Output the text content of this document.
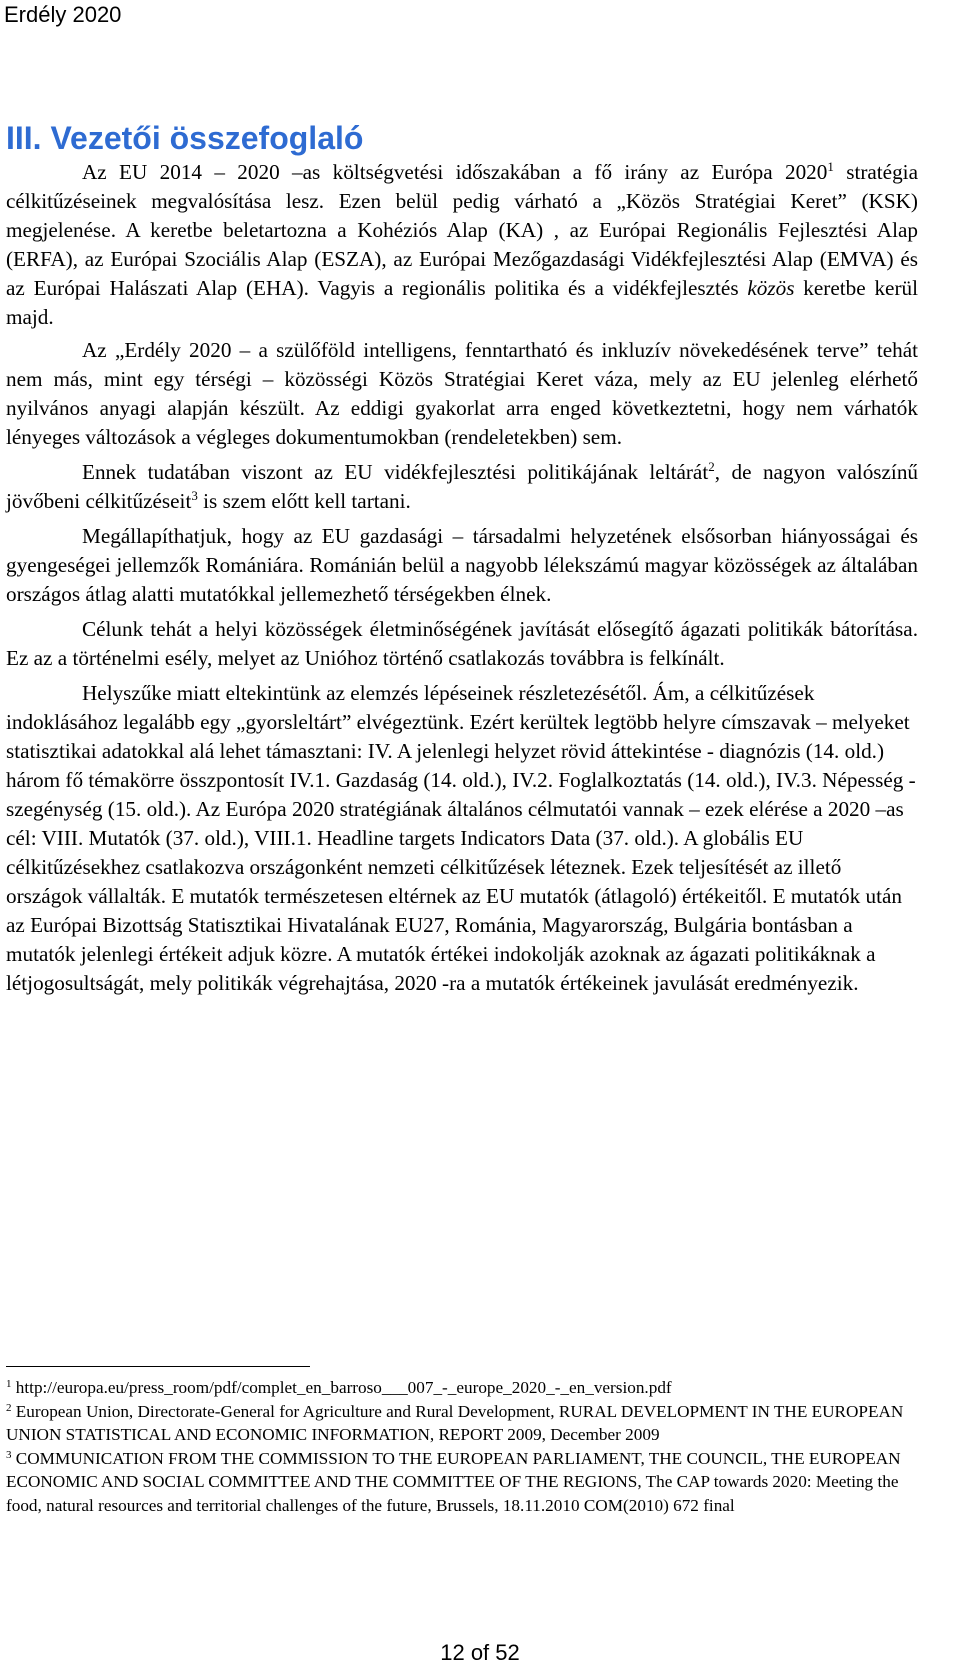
Erdély 2020
III. Vezetői összefoglaló

Az EU 2014 – 2020 –as költségvetési időszakában a fő irány az Európa 2020$^1$ stratégia célkitűzéseinek megvalósítása lesz. Ezen belül pedig várható a „Közös Stratégiai Keret” (KSK) megjelenése. A keretbe beletartozna a Kohéziós Alap (KA) , az Európai Regionális Fejlesztési Alap (ERFA), az Európai Szociális Alap (ESZA), az Európai Mezőgazdasági Vidékfejlesztési Alap (EMVA) és az Európai Halászati Alap (EHA). Vagyis a regionális politika és a vidékfejlesztés közös keretbe kerül majd.

Az „Erdély 2020 – a szülőföld intelligens, fenntartható és inkluzív növekedésének terve” tehát nem más, mint egy térségi – közösségi Közös Stratégiai Keret váza, mely az EU jelenleg elérhető nyilvános anyagi alapján készült. Az eddigi gyakorlat arra enged következtetni, hogy nem várhatók lényeges változások a végleges dokumentumokban (rendeletekben) sem.

Ennek tudatában viszont az EU vidékfejlesztési politikájának leltárát$^2$, de nagyon valószínű jövőbeni célkitűzéseit$^3$ is szem előtt kell tartani.

Megállapíthatjuk, hogy az EU gazdasági – társadalmi helyzetének elsősorban hiányosságai és gyengeségei jellemzők Romániára. Románián belül a nagyobb lélekszámú magyar közösségek az általában országos átlag alatti mutatókkal jellemezhető térségekben élnek.

Célunk tehát a helyi közösségek életminőségének javítását elősegítő ágazati politikák bátorítása. Ez az a történelmi esély, melyet az Unióhoz történő csatlakozás továbbra is felkínált.

Helyszűke miatt eltekintünk az elemzés lépéseinek részletezésétől. Ám, a célkitűzések indoklásához legalább egy „gyorsleltárt” elvégeztünk. Ezért kerültek legtöbb helyre címszavak – melyeket statisztikai adatokkal alá lehet támasztani: IV. A jelenlegi helyzet rövid áttekintése - diagnózis (14. old.) három fő témakörre összpontosít IV.1. Gazdaság (14. old.), IV.2. Foglalkoztatás (14. old.), IV.3. Népesség - szegénység (15. old.). Az Európa 2020 stratégiának általános célmutatói vannak – ezek elérése a 2020 –as cél: VIII. Mutatók (37. old.), VIII.1. Headline targets Indicators Data (37. old.). A globális EU célkitűzésekhez csatlakozva országonként nemzeti célkitűzések léteznek. Ezek teljesítését az illető országok vállalták. E mutatók természetesen eltérnek az EU mutatók (átlagoló) értékeitől. E mutatók után az Európai Bizottság Statisztikai Hivatalának EU27, Románia, Magyarország, Bulgária bontásban a mutatók jelenlegi értékeit adjuk közre. A mutatók értékei indokolják azoknak az ágazati politikáknak a létjogosultságát, mely politikák végrehajtása, 2020 -ra a mutatók értékeinek javulását eredményezik.

$^1$ http://europa.eu/press_room/pdf/complet_en_barroso___007_-_europe_2020_-_en_version.pdf
$^2$ European Union, Directorate-General for Agriculture and Rural Development, RURAL DEVELOPMENT IN THE EUROPEAN UNION STATISTICAL AND ECONOMIC INFORMATION, REPORT 2009, December 2009
$^3$ COMMUNICATION FROM THE COMMISSION TO THE EUROPEAN PARLIAMENT, THE COUNCIL, THE EUROPEAN ECONOMIC AND SOCIAL COMMITTEE AND THE COMMITTEE OF THE REGIONS, The CAP towards 2020: Meeting the food, natural resources and territorial challenges of the future, Brussels, 18.11.2010 COM(2010) 672 final
12 of 52
